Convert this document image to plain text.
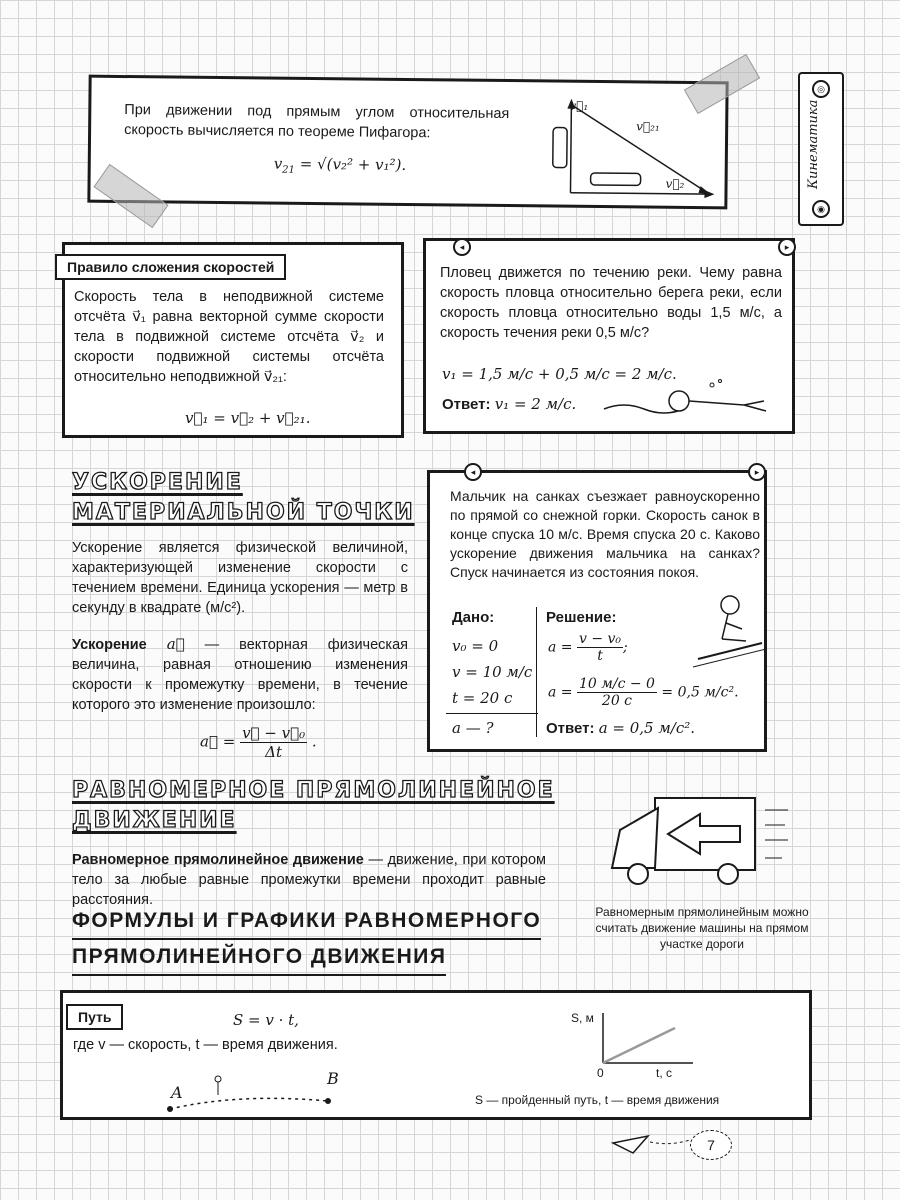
◎
Кинематика
◉
При движении под прямым углом относительная скорость вычисляется по теореме Пифагора:
$v_{21} = √(v_2^2 + v_1^2)$.
v⃗₁
v⃗₂₁
v⃗₂
Скорость тела в неподвижной системе отсчёта v⃗₁ равна векторной сумме скорости тела в подвижной системе отсчёта v⃗₂ и скорости подвижной системы отсчёта относительно неподвижной v⃗₂₁:
v⃗₁ = v⃗₂ + v⃗₂₁.
Правило сложения скоростей
◂	▸
Пловец движется по течению реки. Чему равна скорость пловца относительно берега реки, если скорость пловца относительно воды 1,5 м/с, а скорость течения реки 0,5 м/с?
v₁ = 1,5 м/с + 0,5 м/с = 2 м/с.
Ответ: v₁ = 2 м/с.
УСКОРЕНИЕ
МАТЕРИАЛЬНОЙ ТОЧКИ
Ускорение является физической величиной, характеризующей изменение скорости с течением времени. Единица ускорения — метр в секунду в квадрате (м/с²).
Ускорение a⃗ — векторная физическая величина, равная отношению изменения скорости к промежутку времени, в течение которого это изменение произошло:
a⃗ = $\frac{\text{v⃗ − v⃗₀}}{\Delta t}$ .
◂	▸
Мальчик на санках съезжает равноускоренно по прямой со снежной горки. Скорость санок в конце спуска 10 м/с. Время спуска 20 с. Каково ускорение движения мальчика на санках? Спуск начинается из состояния покоя.
Дано:
v₀ = 0
v = 10 м/с
t = 20 с
a — ?
Решение:
$a = \frac{\text{v − v₀}}{t}$ ;
$a = \frac{10 м/с - 0}{20 с} = 0,5$ м/с².
Ответ: a = 0,5 м/с².
РАВНОМЕРНОЕ ПРЯМОЛИНЕЙНОЕ
ДВИЖЕНИЕ
Равномерное прямолинейное движение — движение, при котором тело за любые равные промежутки времени проходит равные расстояния.
Равномерным прямолинейным можно считать движение машины на прямом участке дороги
ФОРМУЛЫ И ГРАФИКИ РАВНОМЕРНОГО
ПРЯМОЛИНЕЙНОГО ДВИЖЕНИЯ
S = v · t,
где v — скорость, t — время движения.
A
B
S, м
t, с
0
S — пройденный путь, t — время движения
Путь
7
